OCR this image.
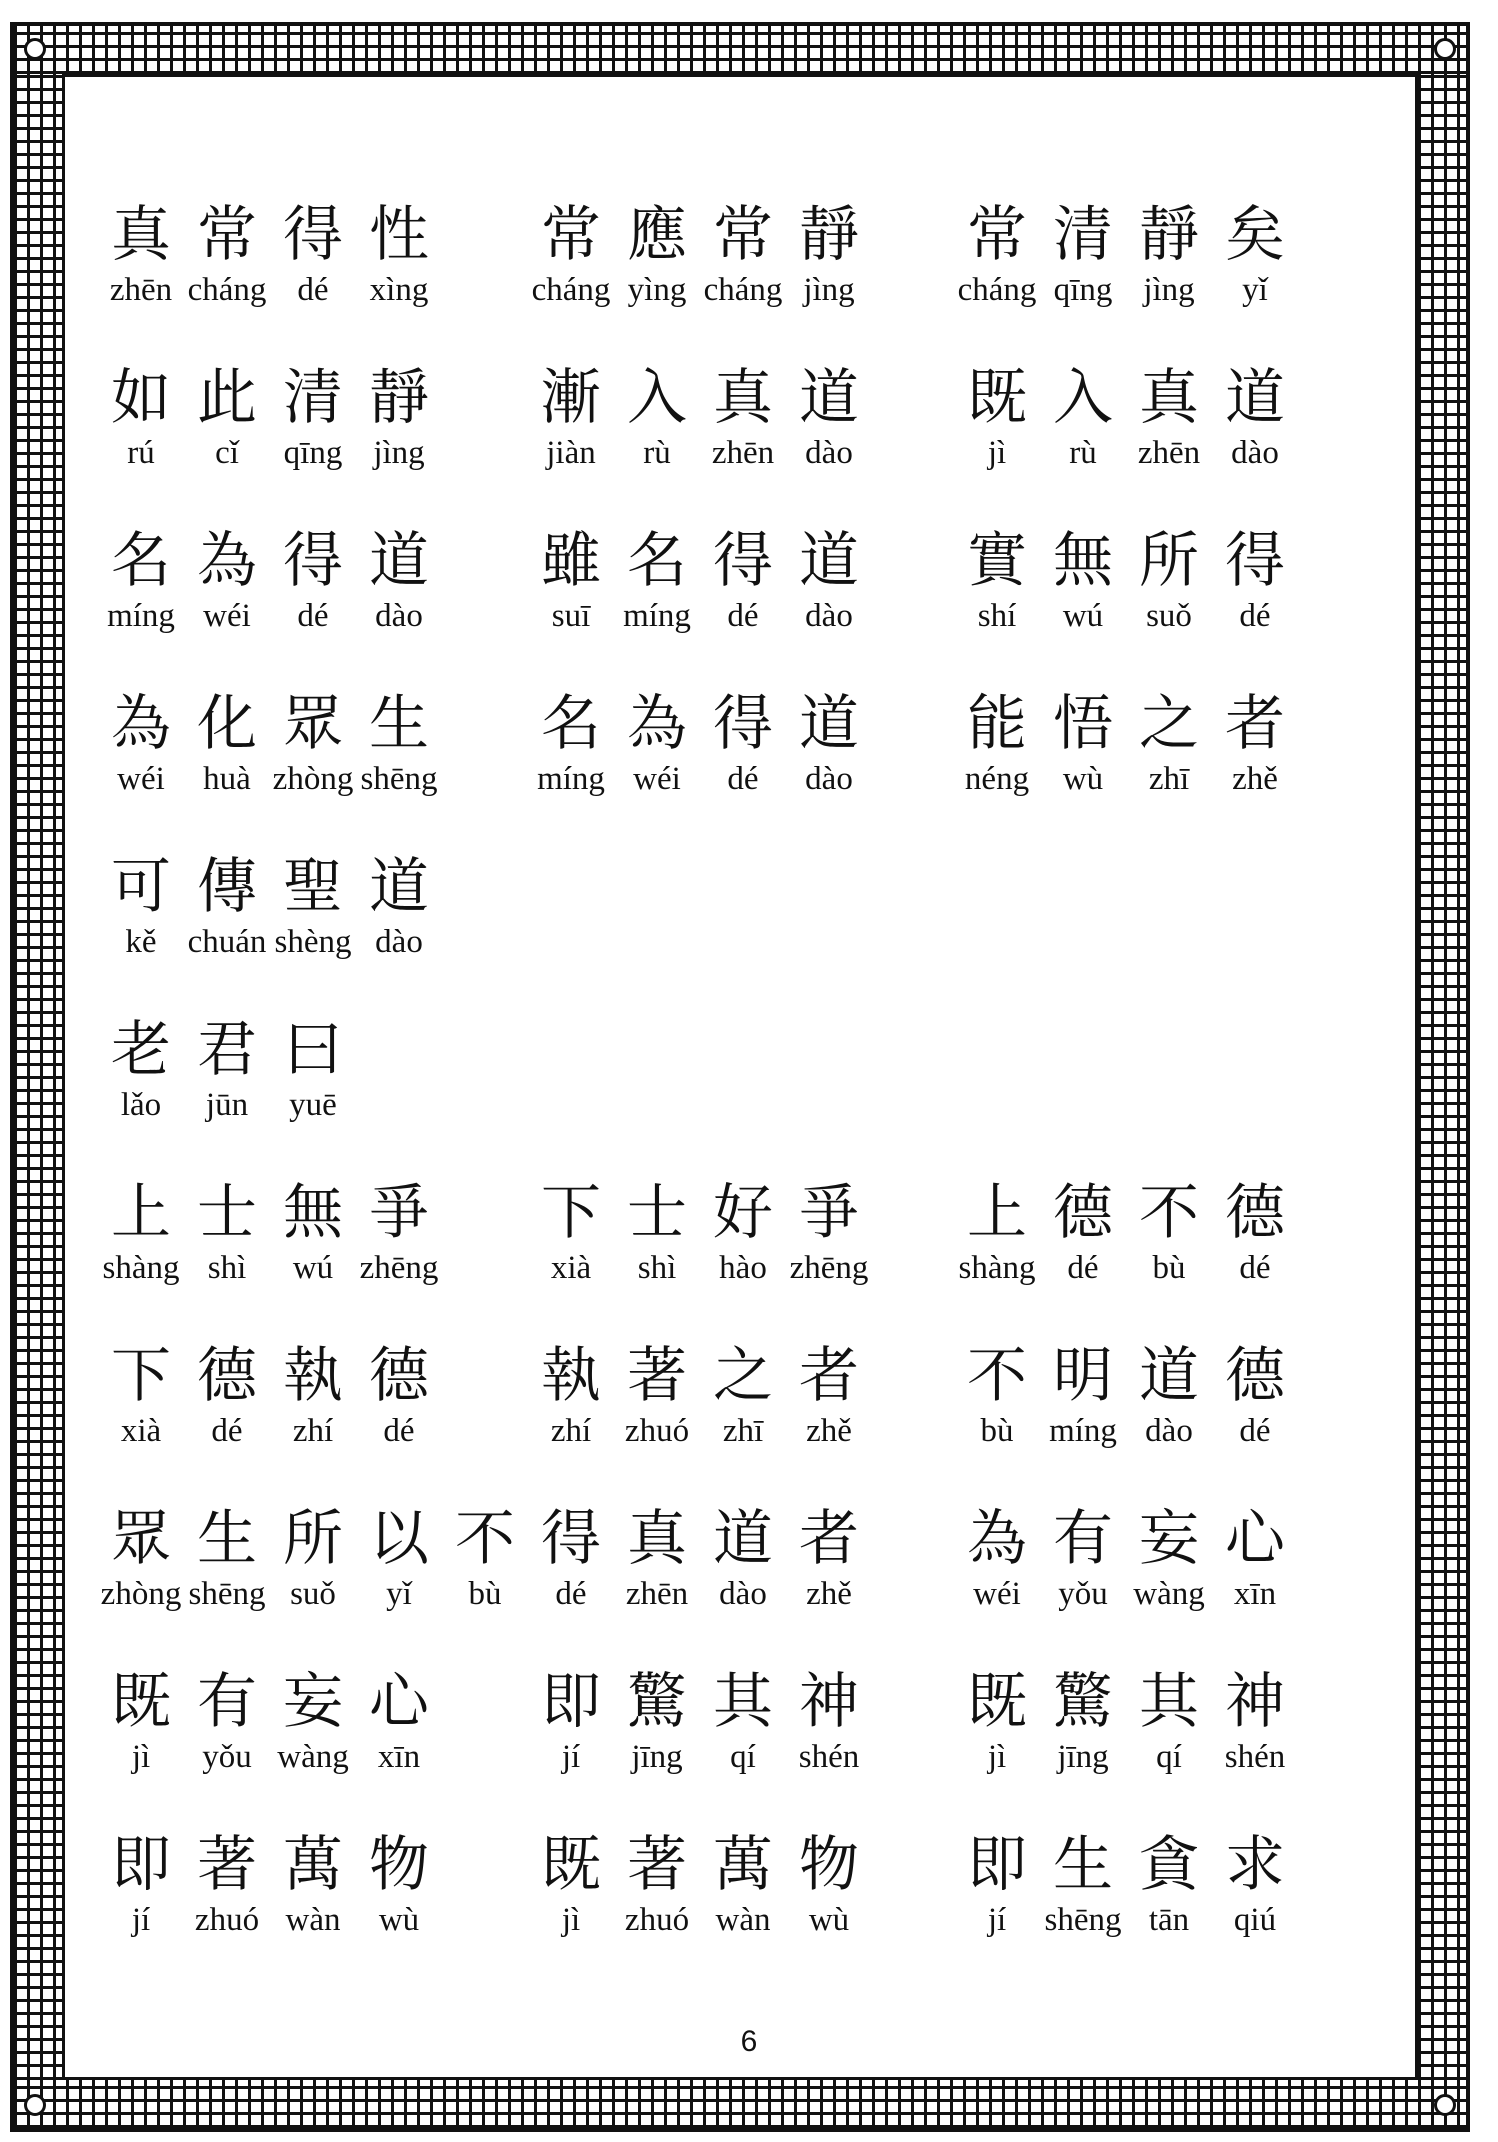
真
zhēn
常
cháng
得
dé
性
xìng
常
cháng
應
yìng
常
cháng
靜
jìng
常
cháng
清
qīng
靜
jìng
矣
yǐ
如
rú
此
cǐ
清
qīng
靜
jìng
漸
jiàn
入
rù
真
zhēn
道
dào
既
jì
入
rù
真
zhēn
道
dào
名
míng
為
wéi
得
dé
道
dào
雖
suī
名
míng
得
dé
道
dào
實
shí
無
wú
所
suǒ
得
dé
為
wéi
化
huà
眾
zhòng
生
shēng
名
míng
為
wéi
得
dé
道
dào
能
néng
悟
wù
之
zhī
者
zhě
可
kě
傳
chuán
聖
shèng
道
dào
老
lǎo
君
jūn
曰
yuē
上
shàng
士
shì
無
wú
爭
zhēng
下
xià
士
shì
好
hào
爭
zhēng
上
shàng
德
dé
不
bù
德
dé
下
xià
德
dé
執
zhí
德
dé
執
zhí
著
zhuó
之
zhī
者
zhě
不
bù
明
míng
道
dào
德
dé
眾
zhòng
生
shēng
所
suǒ
以
yǐ
不
bù
得
dé
真
zhēn
道
dào
者
zhě
為
wéi
有
yǒu
妄
wàng
心
xīn
既
jì
有
yǒu
妄
wàng
心
xīn
即
jí
驚
jīng
其
qí
神
shén
既
jì
驚
jīng
其
qí
神
shén
即
jí
著
zhuó
萬
wàn
物
wù
既
jì
著
zhuó
萬
wàn
物
wù
即
jí
生
shēng
貪
tān
求
qiú
6
